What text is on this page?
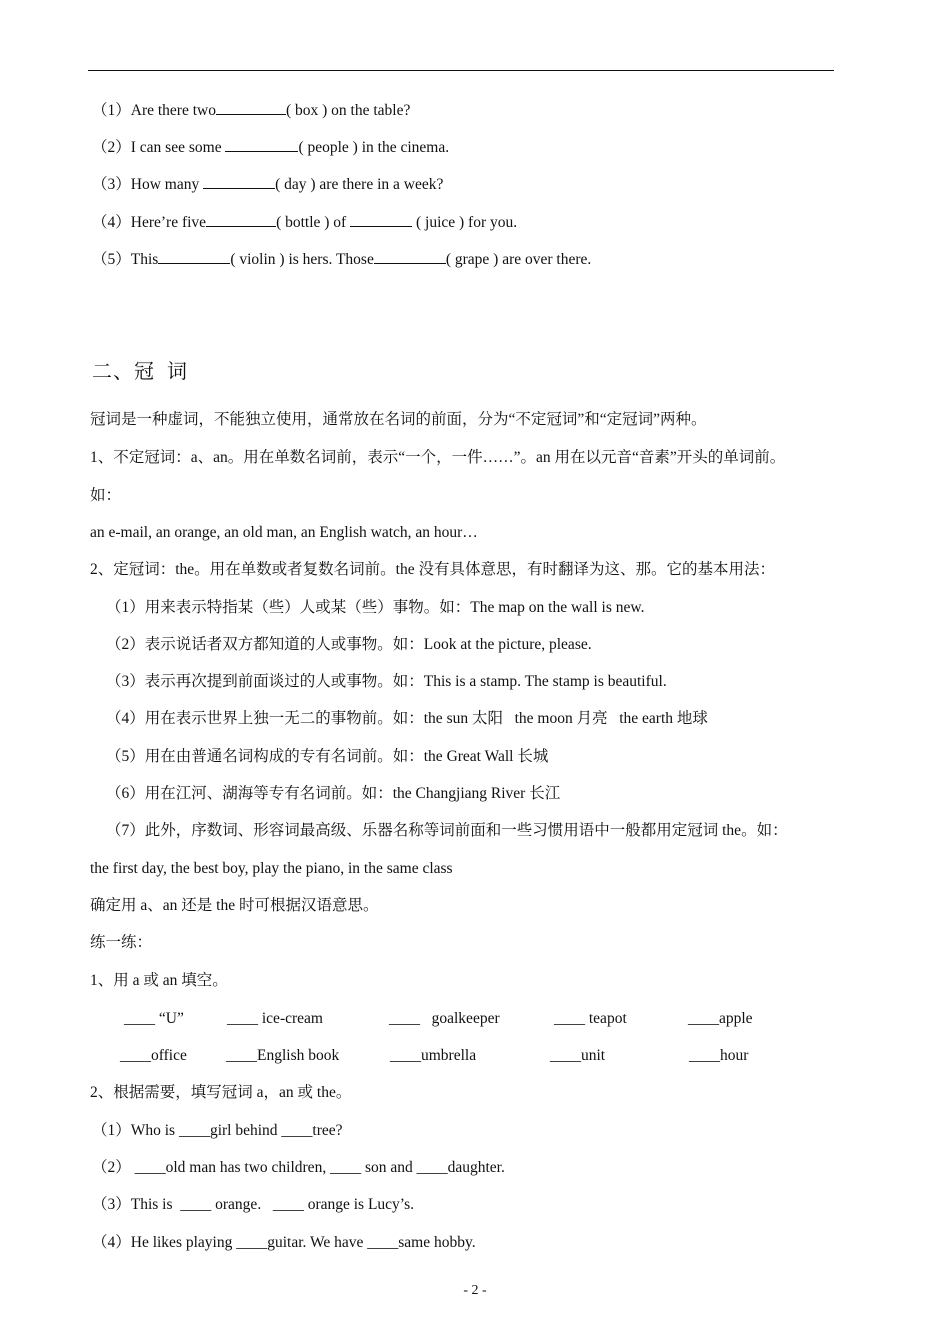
（1）Are there two	( box ) on the table?
（2）I can see some	( people ) in the cinema.
（3）How many	( day ) are there in a week?
（4）Here’re five	( bottle ) of	( juice ) for you.
（5）This	( violin ) is hers. Those	( grape ) are over there.
二、冠  词
冠词是一种虚词，不能独立使用，通常放在名词的前面，分为“不定冠词”和“定冠词”两种。
1、不定冠词：a、an。用在单数名词前，表示“一个，一件……”。an 用在以元音“音素”开头的单词前。
如：
an e-mail, an orange, an old man, an English watch, an hour…
2、定冠词：the。用在单数或者复数名词前。the 没有具体意思，有时翻译为这、那。它的基本用法：
（1）用来表示特指某（些）人或某（些）事物。如：The map on the wall is new.
（2）表示说话者双方都知道的人或事物。如：Look at the picture, please.
（3）表示再次提到前面谈过的人或事物。如：This is a stamp. The stamp is beautiful.
（4）用在表示世界上独一无二的事物前。如：the sun 太阳   the moon 月亮   the earth 地球
（5）用在由普通名词构成的专有名词前。如：the Great Wall 长城
（6）用在江河、湖海等专有名词前。如：the Changjiang River 长江
（7）此外，序数词、形容词最高级、乐器名称等词前面和一些习惯用语中一般都用定冠词 the。如：
the first day, the best boy, play the piano, in the same class
确定用 a、an 还是 the 时可根据汉语意思。
练一练：
1、用 a 或 an 填空。
____ “U”	____ ice-cream	____   goalkeeper	____ teapot	____apple
____office	____English book	____umbrella	____unit	____hour
2、根据需要，填写冠词 a，an 或 the。
（1）Who is ____girl behind ____tree?
（2） ____old man has two children, ____ son and ____daughter.
（3）This is  ____ orange.   ____ orange is Lucy’s.
（4）He likes playing ____guitar. We have ____same hobby.
- 2 -
